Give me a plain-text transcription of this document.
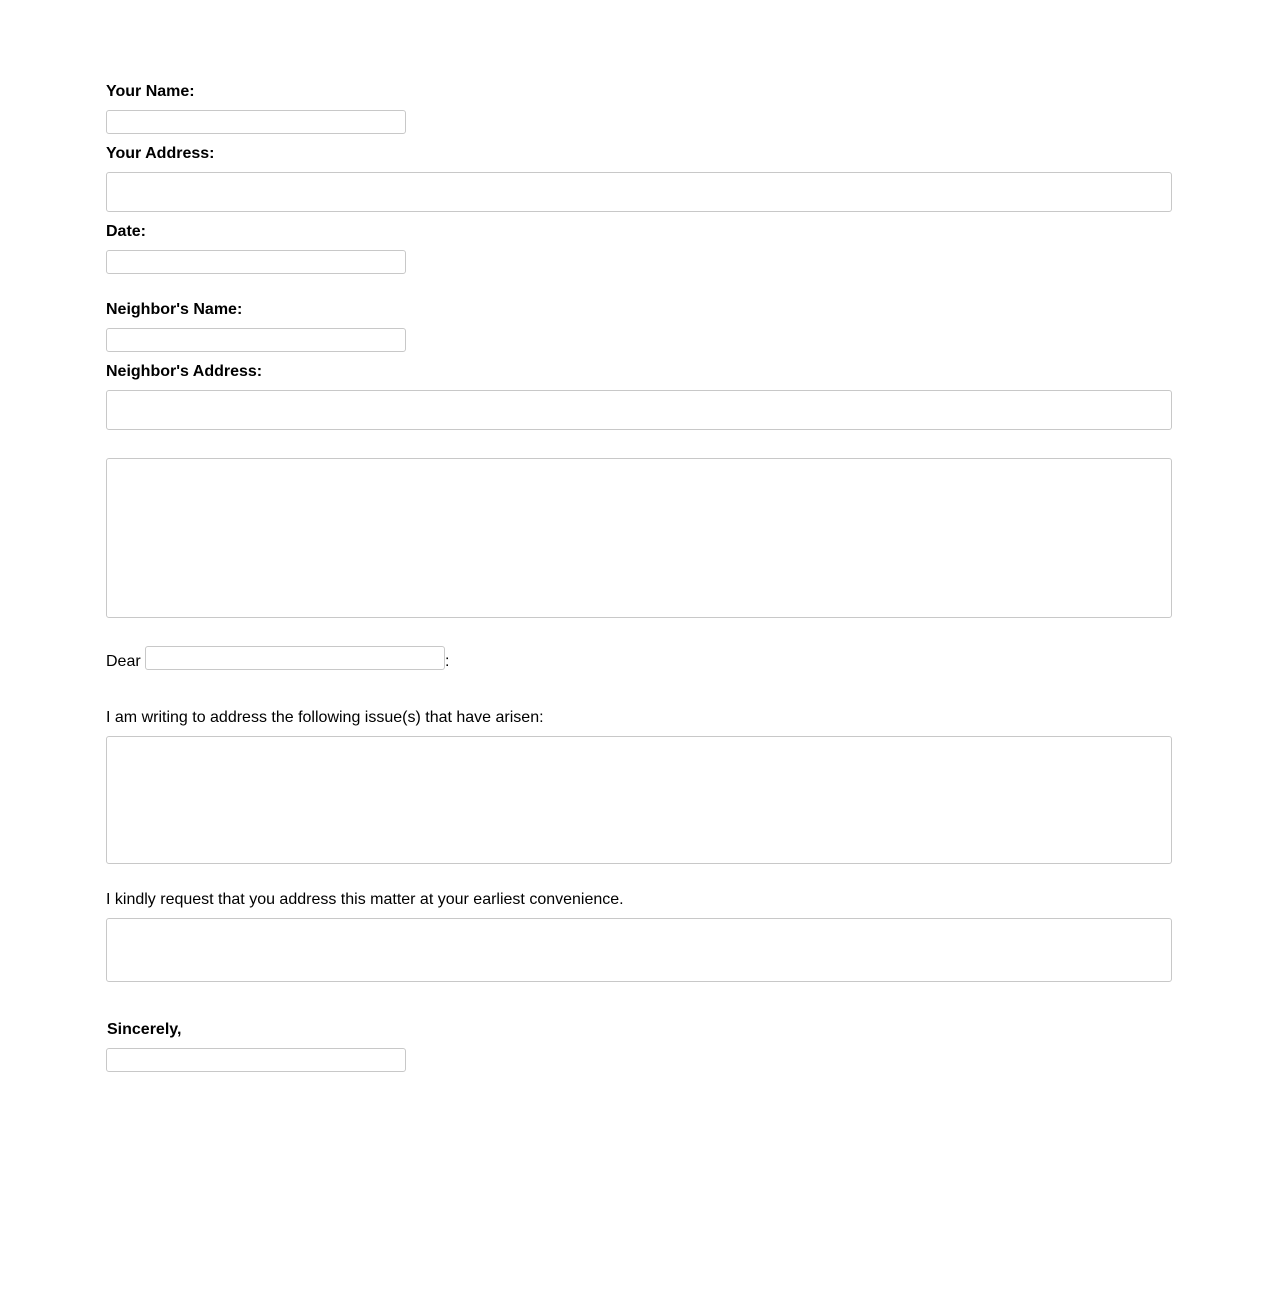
Your Name:
Your Address:
Date:
Neighbor's Name:
Neighbor's Address:
Dear	:
I am writing to address the following issue(s) that have arisen:
I kindly request that you address this matter at your earliest convenience.
Sincerely,
